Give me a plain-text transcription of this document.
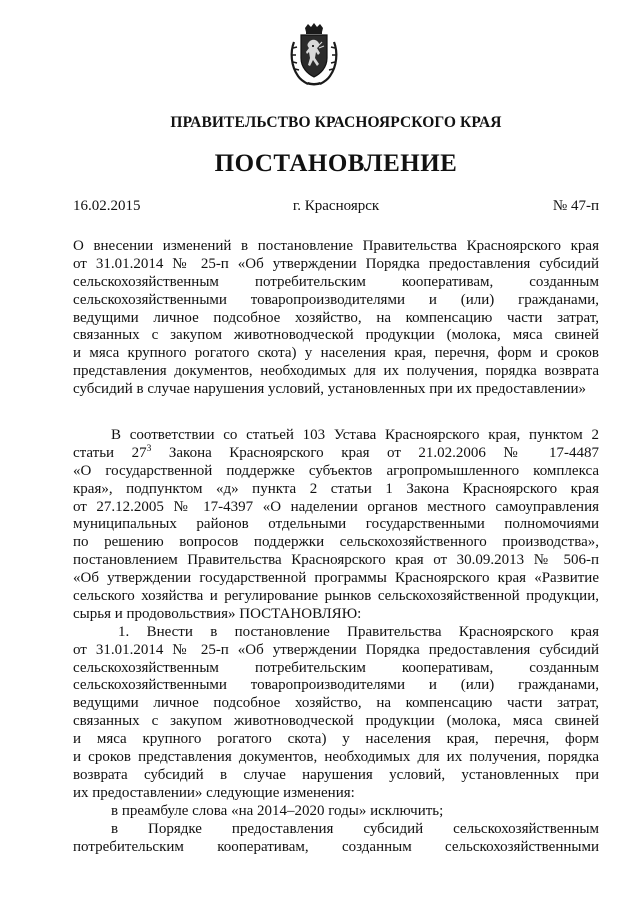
ПРАВИТЕЛЬСТВО КРАСНОЯРСКОГО КРАЯ
ПОСТАНОВЛЕНИЕ
16.02.2015	г. Красноярск	№ 47-п
О внесении изменений в постановление Правительства Красноярского края
от 31.01.2014 № 25-п «Об утверждении Порядка предоставления субсидий
сельскохозяйственным потребительским кооперативам, созданным
сельскохозяйственными товаропроизводителями и (или) гражданами,
ведущими личное подсобное хозяйство, на компенсацию части затрат,
связанных с закупом животноводческой продукции (молока, мяса свиней
и мяса крупного рогатого скота) у населения края, перечня, форм и сроков
представления документов, необходимых для их получения, порядка возврата
субсидий в случае нарушения условий, установленных при их предоставлении»
В соответствии со статьей 103 Устава Красноярского края, пунктом 2
статьи $27^3$ Закона Красноярского края от 21.02.2006 № 17-4487
«О государственной поддержке субъектов агропромышленного комплекса
края», подпунктом «д» пункта 2 статьи 1 Закона Красноярского края
от 27.12.2005 № 17-4397 «О наделении органов местного самоуправления
муниципальных районов отдельными государственными полномочиями
по решению вопросов поддержки сельскохозяйственного производства»,
постановлением Правительства Красноярского края от 30.09.2013 № 506-п
«Об утверждении государственной программы Красноярского края «Развитие
сельского хозяйства и регулирование рынков сельскохозяйственной продукции,
сырья и продовольствия» ПОСТАНОВЛЯЮ:
1. Внести в постановление Правительства Красноярского края
от 31.01.2014 № 25-п «Об утверждении Порядка предоставления субсидий
сельскохозяйственным потребительским кооперативам, созданным
сельскохозяйственными товаропроизводителями и (или) гражданами,
ведущими личное подсобное хозяйство, на компенсацию части затрат,
связанных с закупом животноводческой продукции (молока, мяса свиней
и мяса крупного рогатого скота) у населения края, перечня, форм
и сроков представления документов, необходимых для их получения, порядка
возврата субсидий в случае нарушения условий, установленных при
их предоставлении» следующие изменения:
в преамбуле слова «на 2014–2020 годы» исключить;
в Порядке предоставления субсидий сельскохозяйственным
потребительским кооперативам, созданным сельскохозяйственными
